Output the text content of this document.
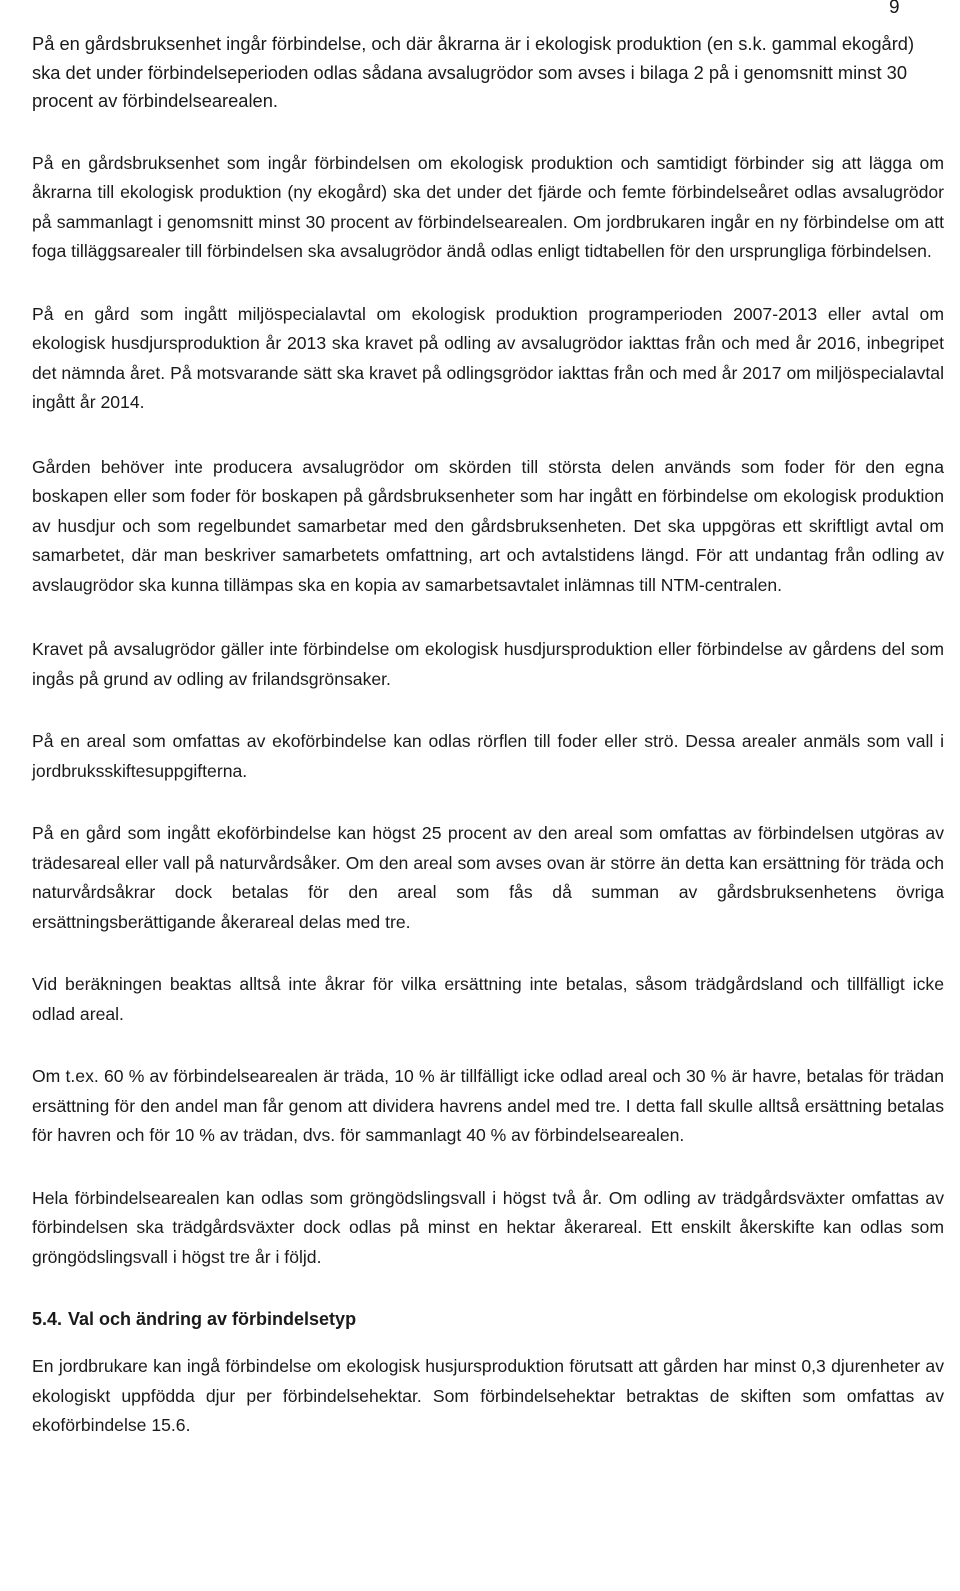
9

På en gårdsbruksenhet ingår förbindelse, och där åkrarna är i ekologisk produktion (en s.k. gammal ekogård) ska det under förbindelseperioden odlas sådana avsalugrödor som avses i bilaga 2 på i genomsnitt minst 30 procent av förbindelsearealen.

På en gårdsbruksenhet som ingår förbindelsen om ekologisk produktion och samtidigt förbinder sig att lägga om åkrarna till ekologisk produktion (ny ekogård) ska det under det fjärde och femte förbindelseåret odlas avsalugrödor på sammanlagt i genomsnitt minst 30 procent av förbindelsearealen. Om jordbrukaren ingår en ny förbindelse om att foga tilläggsarealer till förbindelsen ska avsalugrödor ändå odlas enligt tidtabellen för den ursprungliga förbindelsen.

På en gård som ingått miljöspecialavtal om ekologisk produktion programperioden 2007-2013 eller avtal om ekologisk husdjursproduktion år 2013 ska kravet på odling av avsalugrödor iakttas från och med år 2016, inbegripet det nämnda året. På motsvarande sätt ska kravet på odlingsgrödor iakttas från och med år 2017 om miljöspecialavtal ingått år 2014.

Gården behöver inte producera avsalugrödor om skörden till största delen används som foder för den egna boskapen eller som foder för boskapen på gårdsbruksenheter som har ingått en förbindelse om ekologisk produktion av husdjur och som regelbundet samarbetar med den gårdsbruksenheten. Det ska uppgöras ett skriftligt avtal om samarbetet, där man beskriver samarbetets omfattning, art och avtalstidens längd. För att undantag från odling av avslaugrödor ska kunna tillämpas ska en kopia av samarbetsavtalet inlämnas till NTM-centralen.

Kravet på avsalugrödor gäller inte förbindelse om ekologisk husdjursproduktion eller förbindelse av gårdens del som ingås på grund av odling av frilandsgrönsaker.

På en areal som omfattas av ekoförbindelse kan odlas rörflen till foder eller strö. Dessa arealer anmäls som vall i jordbruksskiftesuppgifterna.

På en gård som ingått ekoförbindelse kan högst 25 procent av den areal som omfattas av förbindelsen utgöras av trädesareal eller vall på naturvårdsåker. Om den areal som avses ovan är större än detta kan ersättning för träda och naturvårdsåkrar dock betalas för den areal som fås då summan av gårdsbruksenhetens övriga ersättningsberättigande åkerareal delas med tre.

Vid beräkningen beaktas alltså inte åkrar för vilka ersättning inte betalas, såsom trädgårdsland och tillfälligt icke odlad areal.

Om t.ex. 60 % av förbindelsearealen är träda, 10 % är tillfälligt icke odlad areal och 30 % är havre, betalas för trädan ersättning för den andel man får genom att dividera havrens andel med tre. I detta fall skulle alltså ersättning betalas för havren och för 10 % av trädan, dvs. för sammanlagt 40 % av förbindelsearealen.

Hela förbindelsearealen kan odlas som gröngödslingsvall i högst två år. Om odling av trädgårdsväxter omfattas av förbindelsen ska trädgårdsväxter dock odlas på minst en hektar åkerareal. Ett enskilt åkerskifte kan odlas som gröngödslingsvall i högst tre år i följd.

5.4. Val och ändring av förbindelsetyp

En jordbrukare kan ingå förbindelse om ekologisk husjursproduktion förutsatt att gården har minst 0,3 djurenheter av ekologiskt uppfödda djur per förbindelsehektar. Som förbindelsehektar betraktas de skiften som omfattas av ekoförbindelse 15.6.
